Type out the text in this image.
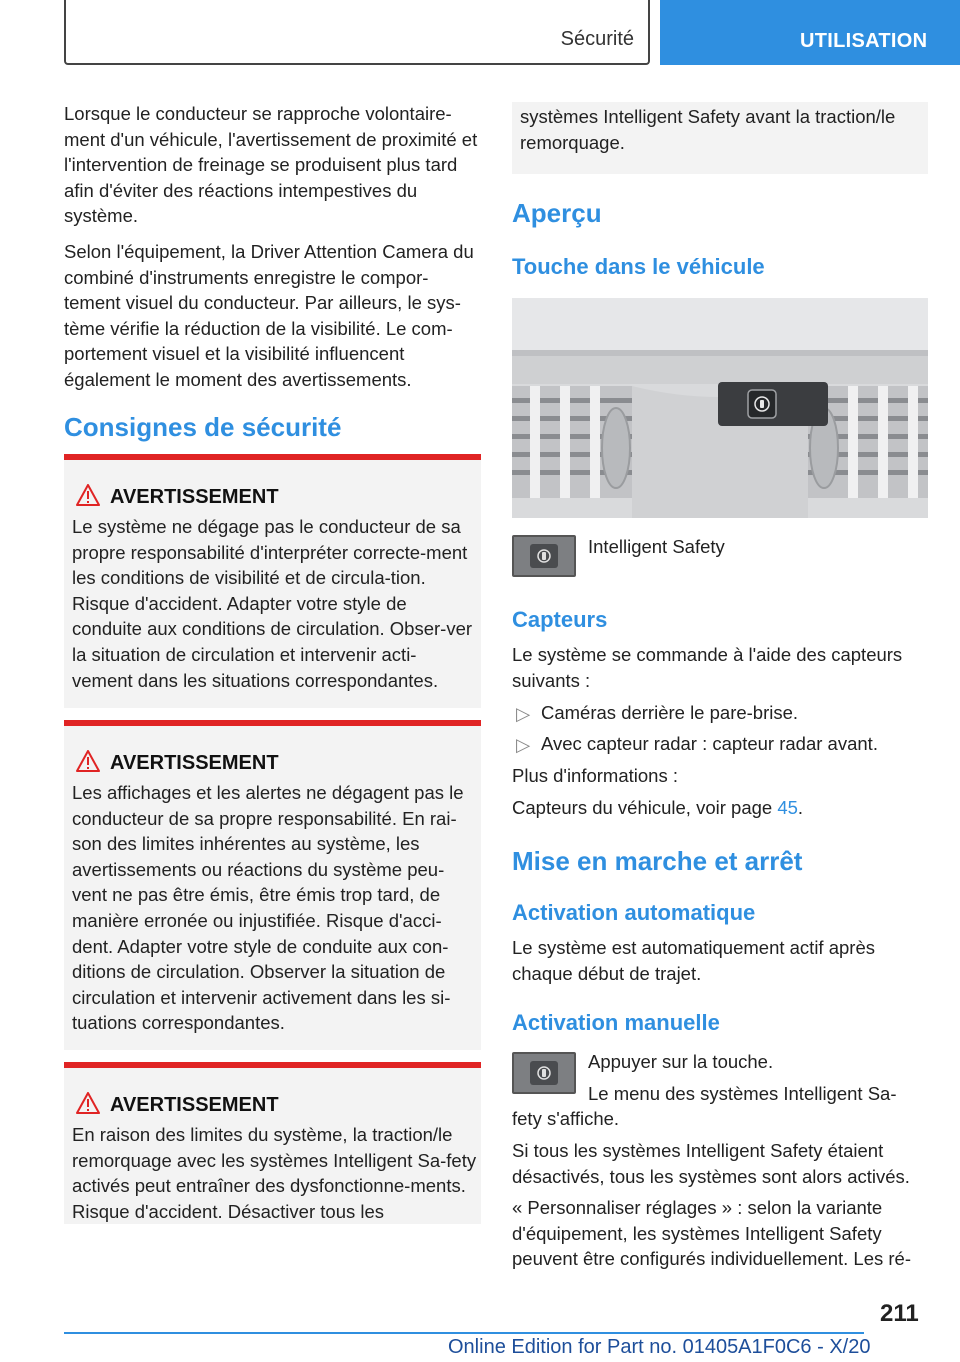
Sécurité	UTILISATION
Lorsque le conducteur se rapproche volontaire-ment d'un véhicule, l'avertissement de proximité et l'intervention de freinage se produisent plus tard afin d'éviter des réactions intempestives du système.
Selon l'équipement, la Driver Attention Camera du combiné d'instruments enregistre le compor-tement visuel du conducteur. Par ailleurs, le sys-tème vérifie la réduction de la visibilité. Le com-portement visuel et la visibilité influencent également le moment des avertissements.
Consignes de sécurité
AVERTISSEMENT
Le système ne dégage pas le conducteur de sa propre responsabilité d'interpréter correcte-ment les conditions de visibilité et de circula-tion. Risque d'accident. Adapter votre style de conduite aux conditions de circulation. Obser-ver la situation de circulation et intervenir acti-vement dans les situations correspondantes.
AVERTISSEMENT
Les affichages et les alertes ne dégagent pas le conducteur de sa propre responsabilité. En rai-son des limites inhérentes au système, les avertissements ou réactions du système peu-vent ne pas être émis, être émis trop tard, de manière erronée ou injustifiée. Risque d'acci-dent. Adapter votre style de conduite aux con-ditions de circulation. Observer la situation de circulation et intervenir activement dans les si-tuations correspondantes.
AVERTISSEMENT
En raison des limites du système, la traction/le remorquage avec les systèmes Intelligent Sa-fety activés peut entraîner des dysfonctionne-ments. Risque d'accident. Désactiver tous les
systèmes Intelligent Safety avant la traction/le remorquage.
Aperçu
Touche dans le véhicule
Intelligent Safety
Capteurs
Le système se commande à l'aide des capteurs suivants :
▷ Caméras derrière le pare-brise.
▷ Avec capteur radar : capteur radar avant.
Plus d'informations :
Capteurs du véhicule, voir page 45.
Mise en marche et arrêt
Activation automatique
Le système est automatiquement actif après chaque début de trajet.
Activation manuelle
Appuyer sur la touche.
Le menu des systèmes Intelligent Sa-
fety s'affiche.
Si tous les systèmes Intelligent Safety étaient désactivés, tous les systèmes sont alors activés.
« Personnaliser réglages » : selon la variante d'équipement, les systèmes Intelligent Safety peuvent être configurés individuellement. Les ré-
211
Online Edition for Part no. 01405A1F0C6 - X/20
